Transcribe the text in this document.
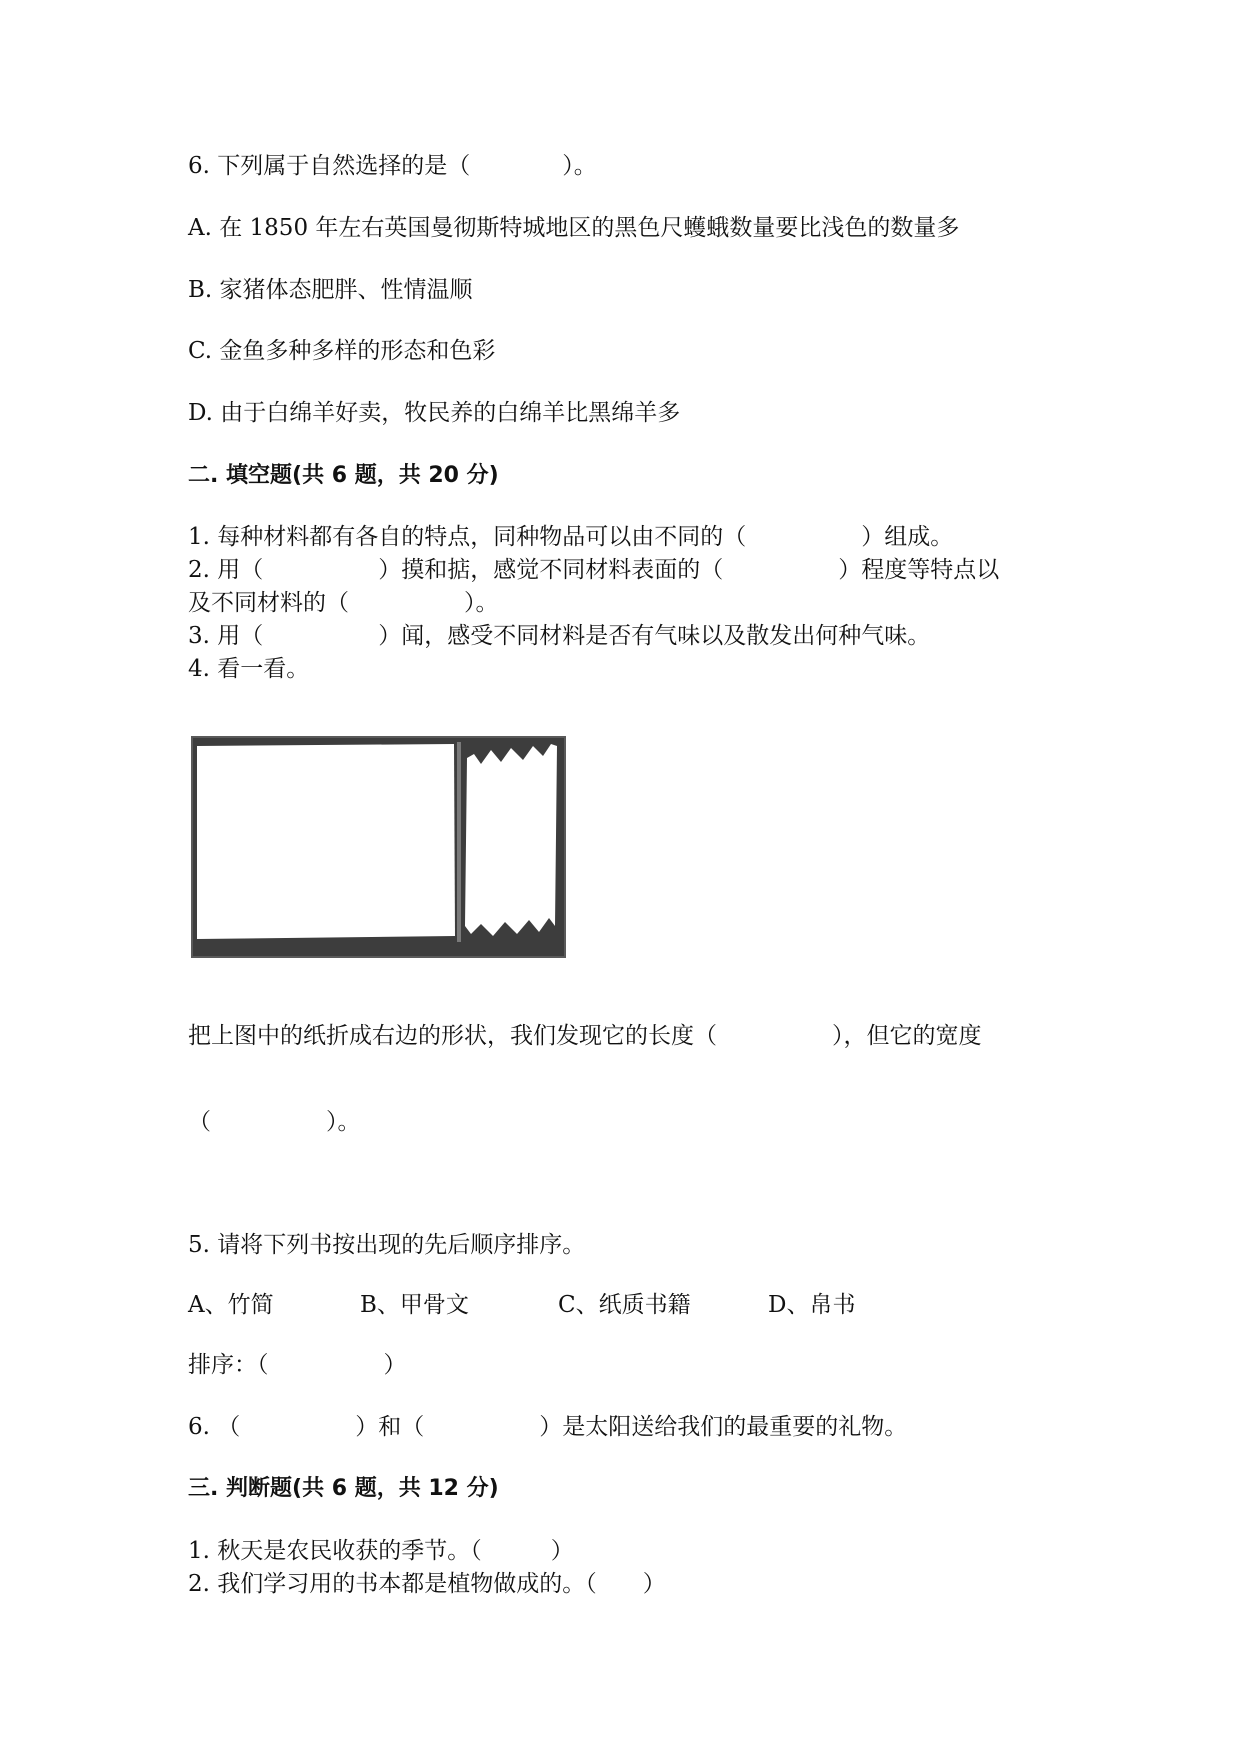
6. 下列属于自然选择的是（　　　　）。
A. 在 1850 年左右英国曼彻斯特城地区的黑色尺蠖蛾数量要比浅色的数量多
B. 家猪体态肥胖、性情温顺
C. 金鱼多种多样的形态和色彩
D. 由于白绵羊好卖，牧民养的白绵羊比黑绵羊多
二. 填空题(共 6 题，共 20 分)
1. 每种材料都有各自的特点，同种物品可以由不同的（　　　　　）组成。
2. 用（　　　　　）摸和掂，感觉不同材料表面的（　　　　　）程度等特点以
及不同材料的（　　　　　）。
3. 用（　　　　　）闻，感受不同材料是否有气味以及散发出何种气味。
4. 看一看。
把上图中的纸折成右边的形状，我们发现它的长度（　　　　　），但它的宽度
（　　　　　）。
5. 请将下列书按出现的先后顺序排序。

A、竹简

	B、甲骨文

	C、纸质书籍

	D、帛书

排序：（　　　　　）
6. （　　　　　）和（　　　　　）是太阳送给我们的最重要的礼物。
三. 判断题(共 6 题，共 12 分)
1. 秋天是农民收获的季节。（　　　）
2. 我们学习用的书本都是植物做成的。（　　）
